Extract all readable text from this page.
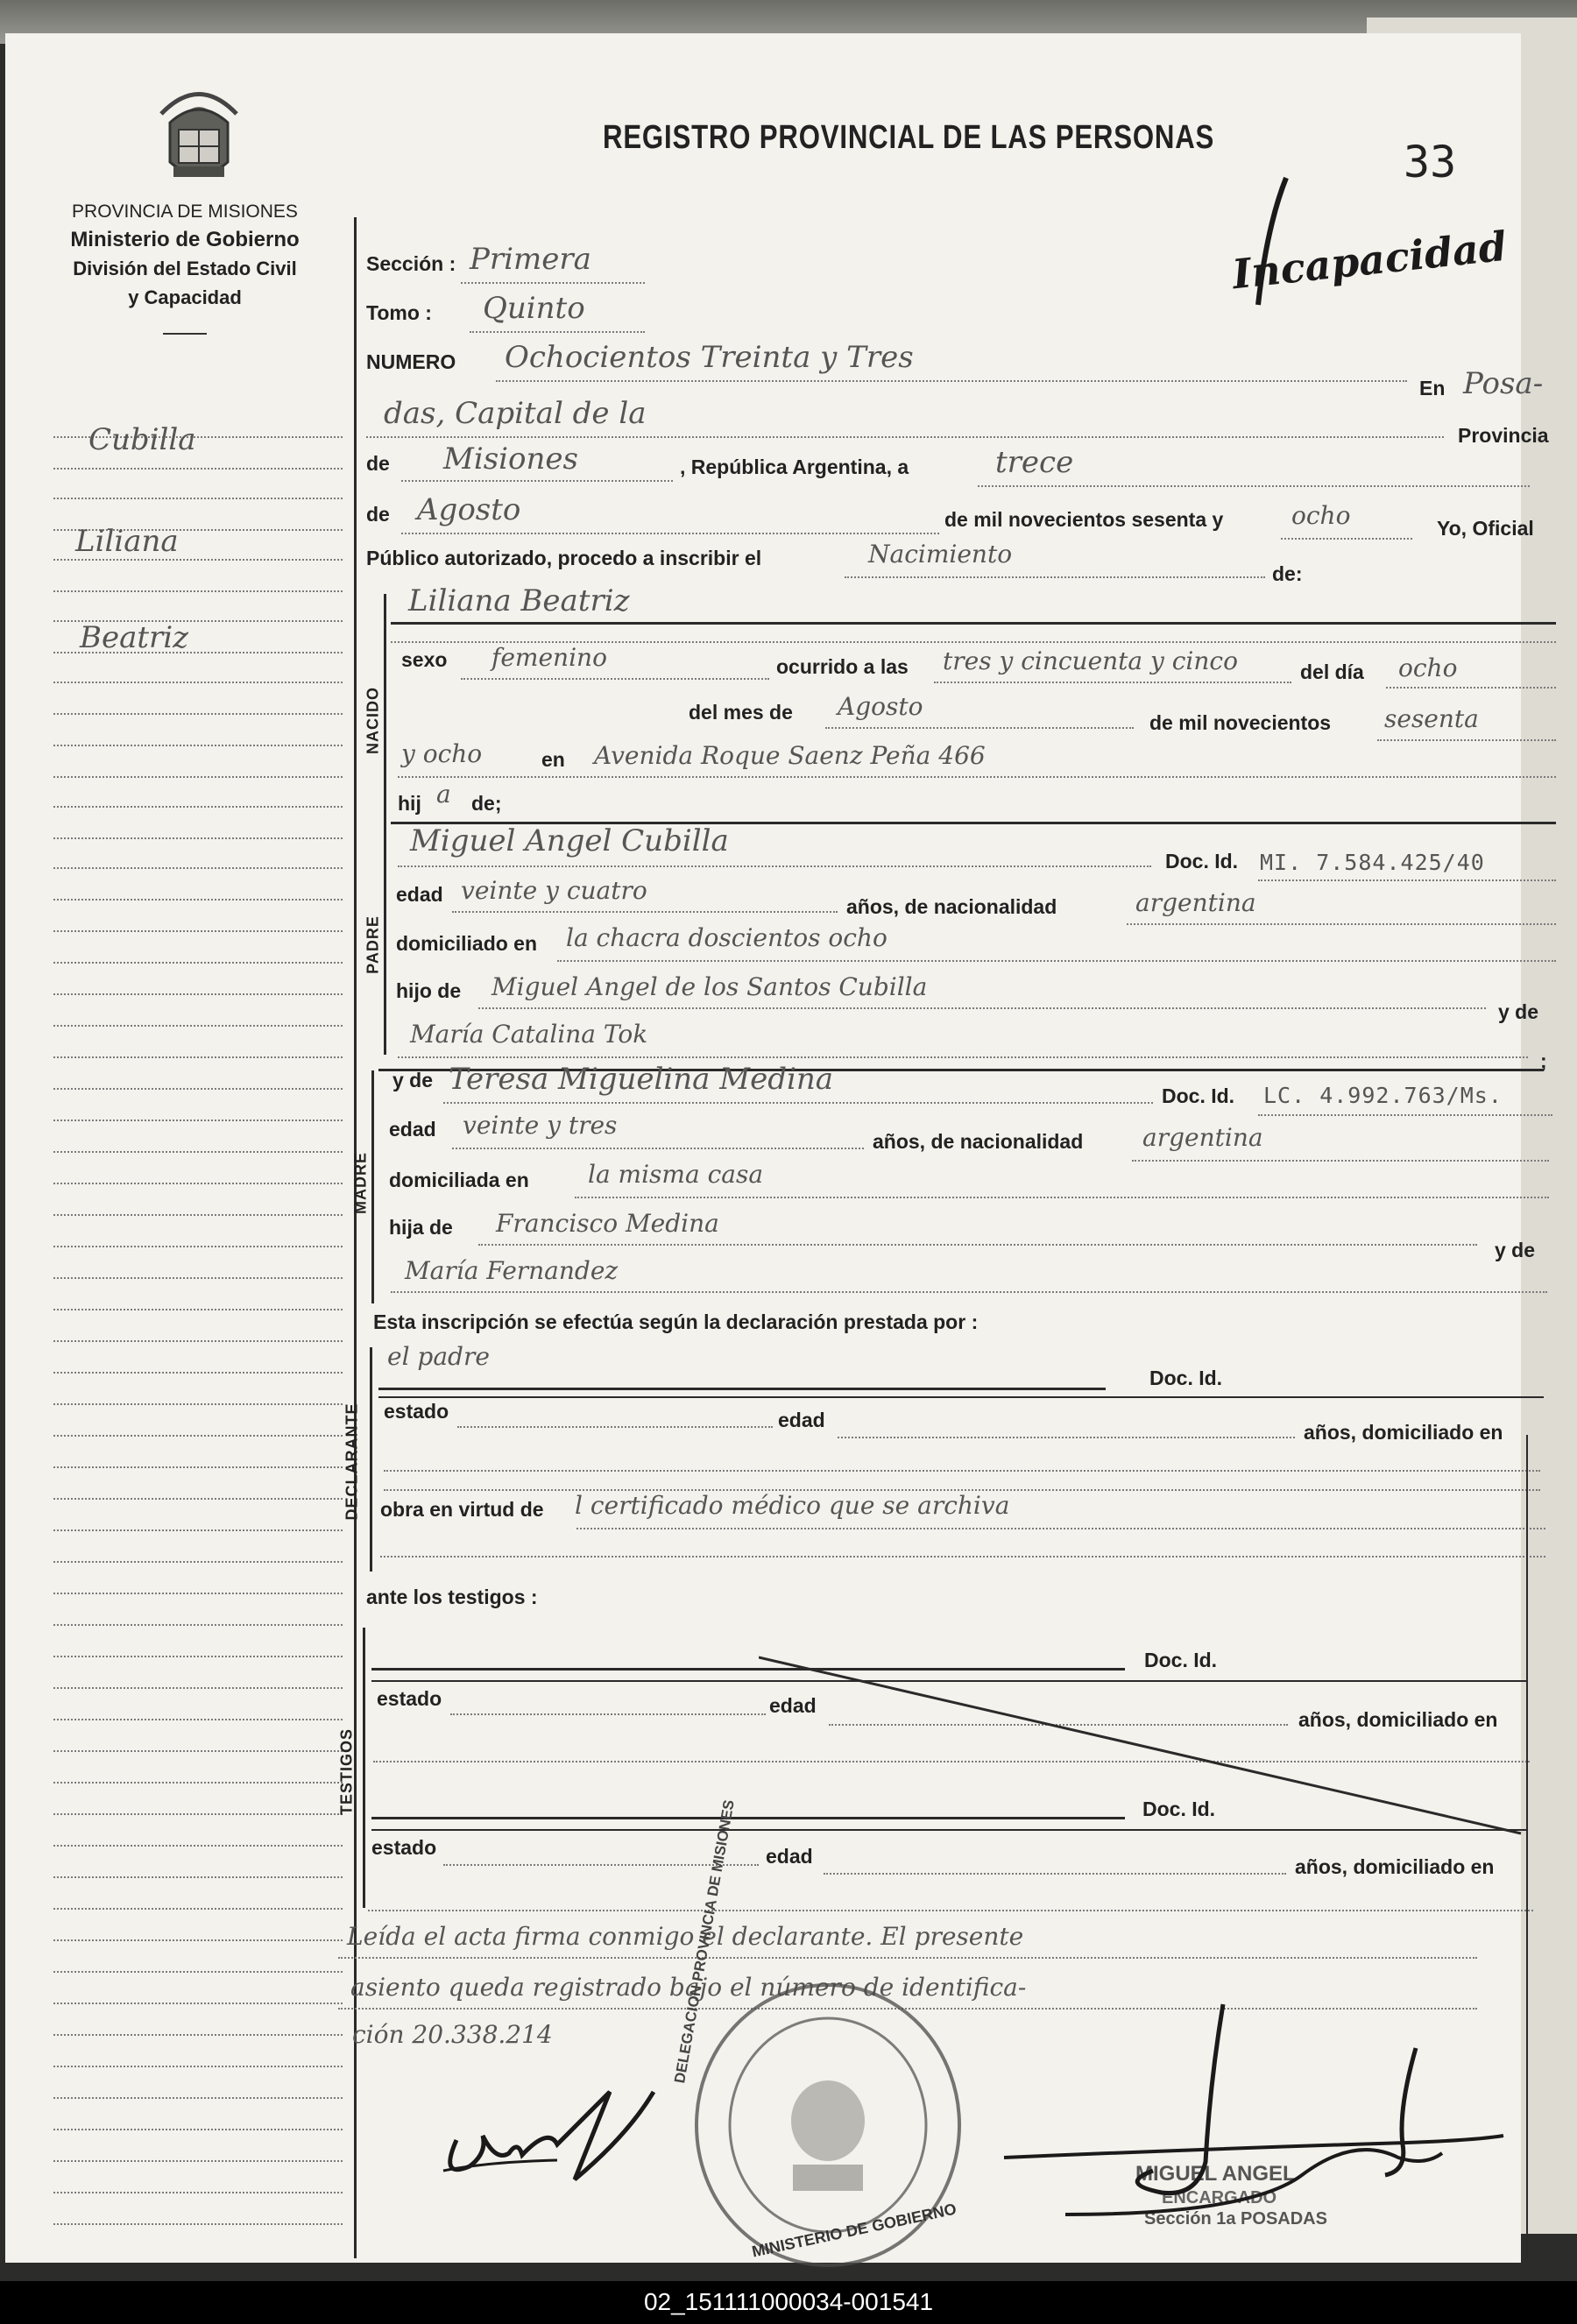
PROVINCIA DE MISIONES
Ministerio de Gobierno
División del Estado Civil
y Capacidad
REGISTRO PROVINCIAL DE LAS PERSONAS	33
Incapacidad
Cubilla
Liliana
Beatriz
Sección : Primera
Tomo : Quinto
NUMERO Ochocientos Treinta y Tres
En Posa-
das, Capital de la
Provincia
de Misiones	, República Argentina, a	trece
de Agosto	de mil novecientos sesenta y	ocho	Yo, Oficial
Público autorizado, procedo a inscribir el	Nacimiento
de:
Liliana Beatriz
NACIDO
sexo femenino	ocurrido a las tres y cincuenta y cinco	del día ocho
del mes de Agosto
de mil novecientos sesenta
y ocho	en Avenida Roque Saenz Peña 466
hij a de;
PADRE
Miguel Angel Cubilla
Doc. Id. MI. 7.584.425/40
edad veinte y cuatro
años, de nacionalidad	argentina
domiciliado en la chacra doscientos ocho
hijo de Miguel Angel de los Santos Cubilla
y de
María Catalina Tok
;
MADRE
y de Teresa Miguelina Medina	Doc. Id. LC. 4.992.763/Ms.
edad veinte y tres
años, de nacionalidad argentina
domiciliada en la misma casa
hija de Francisco Medina
y de
María Fernandez
Esta inscripción se efectúa según la declaración prestada por :
DECLARANTE
el padre
Doc. Id.
estado	edad
años, domiciliado en
obra en virtud de l certificado médico que se archiva
ante los testigos :
TESTIGOS
Doc. Id.
estado	edad
años, domiciliado en
Doc. Id.
estado	edad	años, domiciliado en
Leída el acta firma conmigo el declarante. El presente
asiento queda registrado bajo el número de identifica-
ción 20.338.214
MINISTERIO DE GOBIERNO
DELEGACION PROVINCIA DE MISIONES
MIGUEL ANGEL
ENCARGADO
Sección 1a POSADAS
02_151111000034-001541
